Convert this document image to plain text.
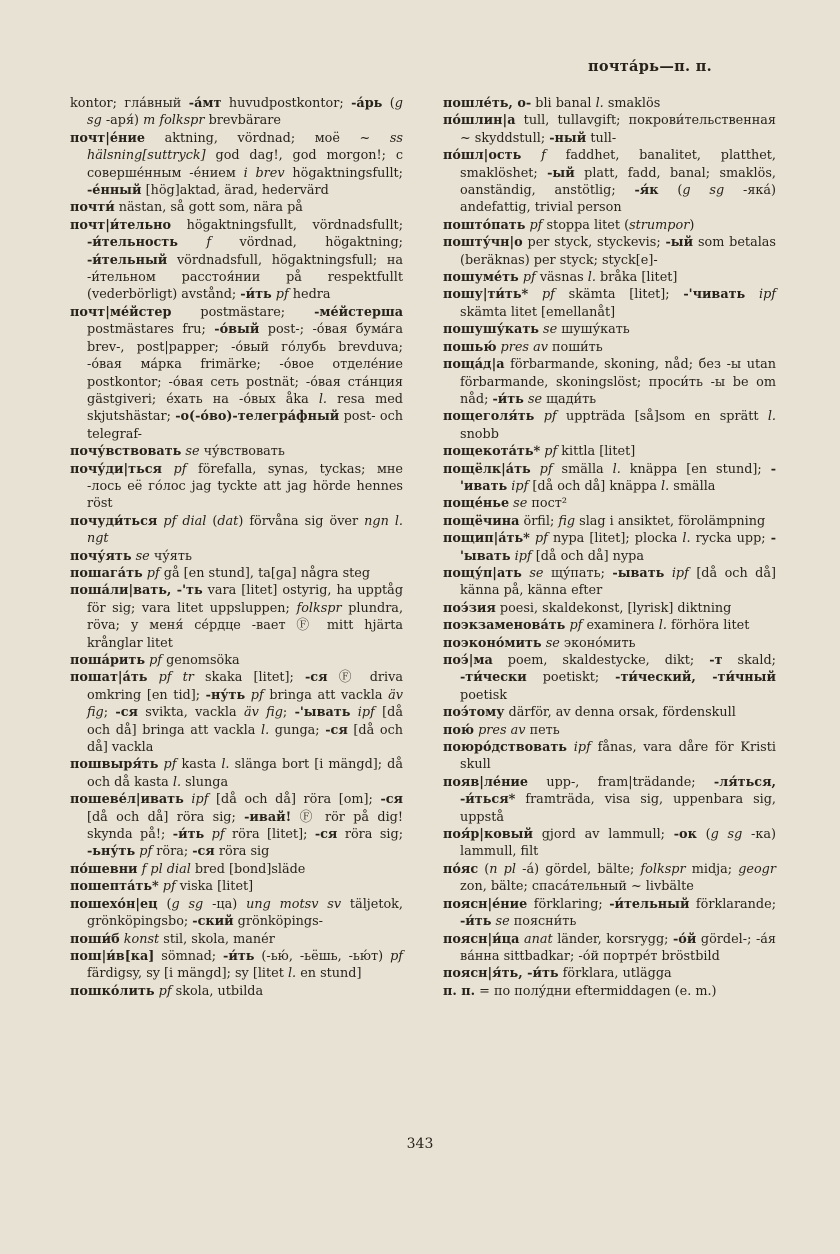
почта́рь—п. п.

kontor; гла́вный -а́мт huvudpostkontor; -а́рь (g sg -аря́) m folkspr brevbärare

почт|е́ние aktning, vördnad; моё ~ ss hälsning[suttryck] god dag!, god morgon!; с соверше́нным -е́нием i brev högaktningsfullt; -е́нный [hög]aktad, ärad, hedervärd

почти́ nästan, så gott som, nära på

почт|и́тельно högaktningsfullt, vördnadsfullt; -и́тельность f vördnad, högaktning; -и́тельный vördnadsfull, högaktningsfull; на -и́тельном расстоя́нии på respektfullt (vederbörligt) avstånd; -и́ть pf hedra

почт|ме́йстер postmästare; -ме́йстерша postmästares fru; -о́вый post-; -о́вая бума́га brev-, post|papper; -о́вый го́лубь brevduva; -о́вая ма́рка frimärke; -о́вое отделе́ние postkontor; -о́вая сеть postnät; -о́вая ста́нция gästgiveri; е́хать на -о́вых åka l. resa med skjutshästar; -о(-о́во)-телегра́фный post- och telegraf-

почу́вствовать se чу́вствовать

почу́ди|ться pf förefalla, synas, tyckas; мне -лось её го́лос jag tyckte att jag hörde hennes röst

почуди́ться pf dial (dat) förvåna sig över ngn l. ngt

почу́ять se чу́ять

пошага́ть pf gå [en stund], ta[ga] några steg

поша́ли|вать, -'ть vara [litet] ostyrig, ha upptåg för sig; vara litet uppsluppen; folkspr plundra, röva; у меня́ се́рдце -вает Ⓕ mitt hjärta krånglar litet

поша́рить pf genomsöka

пошат|а́ть pf tr skaka [litet]; -ся Ⓕ driva omkring [en tid]; -ну́ть pf bringa att vackla äv fig; -ся svikta, vackla äv fig; -'ывать ipf [då och då] bringa att vackla l. gunga; -ся [då och då] vackla

пошвыря́ть pf kasta l. slänga bort [i mängd]; då och då kasta l. slunga

пошеве́л|ивать ipf [då och då] röra [om]; -ся [då och då] röra sig; -ивай! Ⓕ rör på dig! skynda på!; -и́ть pf röra [litet]; -ся röra sig; -ьну́ть pf röra; -ся röra sig

по́шевни f pl dial bred [bond]släde

пошепта́ть* pf viska [litet]

пошехо́н|ец (g sg -ца) ung motsv sv täljetok, grönköpingsbo; -ский grönköpings-

поши́б konst stil, skola, manér

пош|и́в[ка] sömnad; -и́ть (-ью́, -ьёшь, -ью́т) pf färdigsy, sy [i mängd]; sy [litet l. en stund]

пошко́лить pf skola, utbilda

пошле́ть, о- bli banal l. smaklös

по́шлин|а tull, tullavgift; покрови́тельственная ~ skyddstull; -ный tull-

по́шл|ость f faddhet, banalitet, platthet, smaklöshet; -ый platt, fadd, banal; smaklös, oanständig, anstötlig; -я́к (g sg -яка́) andefattig, trivial person

пошто́пать pf stoppa litet (strumpor)

пошту́чн|о per styck, styckevis; -ый som betalas (beräknas) per styck; styck[e]-

пошуме́ть pf väsnas l. bråka [litet]

пошу|ти́ть* pf skämta [litet]; -'чивать ipf skämta litet [emellanåt]

пошушу́кать se шушу́кать

пошью́ pres av поши́ть

поща́д|а förbarmande, skoning, nåd; без -ы utan förbarmande, skoningslöst; проси́ть -ы be om nåd; -и́ть se щади́ть

пощеголя́ть pf uppträda [så]som en sprätt l. snobb

пощекота́ть* pf kittla [litet]

пощёлк|а́ть pf smälla l. knäppa [en stund]; -'ивать ipf [då och då] knäppa l. smälla

поще́нье se пост²

пощёчина örfil; fig slag i ansiktet, förolämpning

пощип|а́ть* pf nypa [litet]; plocka l. rycka upp; -'ывать ipf [då och då] nypa

пощу́п|ать se щу́пать; -ывать ipf [då och då] känna på, känna efter

поэ́зия poesi, skaldekonst, [lyrisk] diktning

поэкзаменова́ть pf examinera l. förhöra litet

поэконо́мить se эконо́мить

поэ́|ма poem, skaldestycke, dikt; -т skald; -ти́чески poetiskt; -ти́ческий, -ти́чный poetisk

поэ́тому därför, av denna orsak, fördenskull

пою́ pres av петь

поюро́дствовать ipf fånas, vara dåre för Kristi skull

появ|ле́ние upp-, fram|trädande; -ля́ться, -и́ться* framträda, visa sig, uppenbara sig, uppstå

поя́р|ковый gjord av lammull; -ок (g sg -ка) lammull, filt

по́яс (n pl -а́) gördel, bälte; folkspr midja; geogr zon, bälte; спаса́тельный ~ livbälte

поясн|е́ние förklaring; -и́тельный förklarande; -и́ть se поясни́ть

поясн|и́ца anat länder, korsrygg; -о́й gördel-; -а́я ва́нна sittbadkar; -о́й портре́т bröstbild

поясн|я́ть, -и́ть förklara, utlägga

п. п. = по полу́дни eftermiddagen (e. m.)

343
